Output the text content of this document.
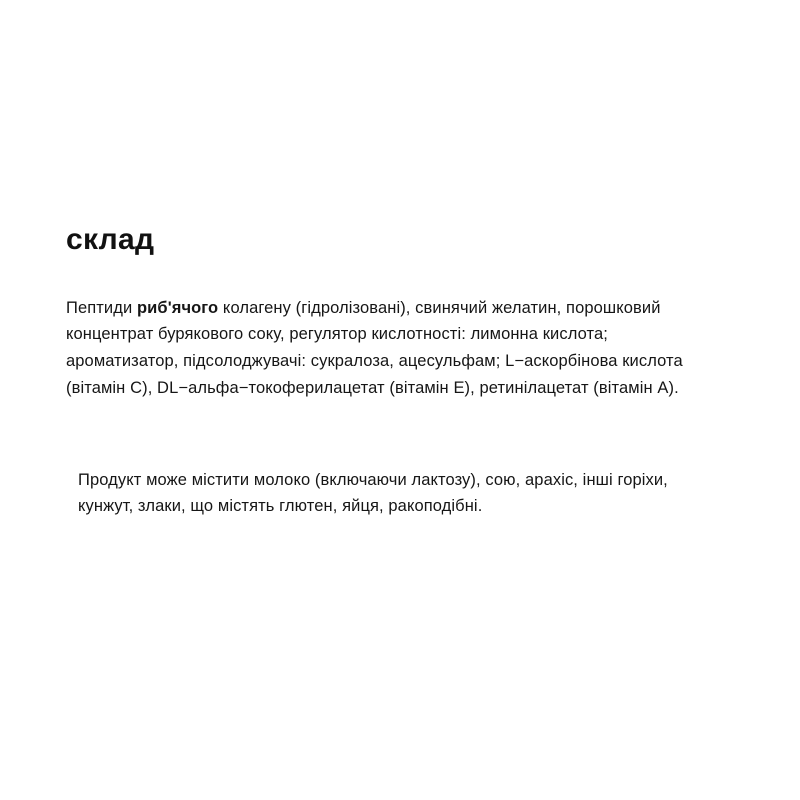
склад

Пептиди риб'ячого колагену (гідролізовані), свинячий желатин, порошковий концентрат бурякового соку, регулятор кислотності: лимонна кислота; ароматизатор, підсолоджувачі: сукралоза, ацесульфам; L−аскорбінова кислота (вітамін C), DL−альфа−токоферилацетат (вітамін E), ретинілацетат (вітамін A).

Продукт може містити молоко (включаючи лактозу), сою, арахіс, інші горіхи, кунжут, злаки, що містять глютен, яйця, ракоподібні.
